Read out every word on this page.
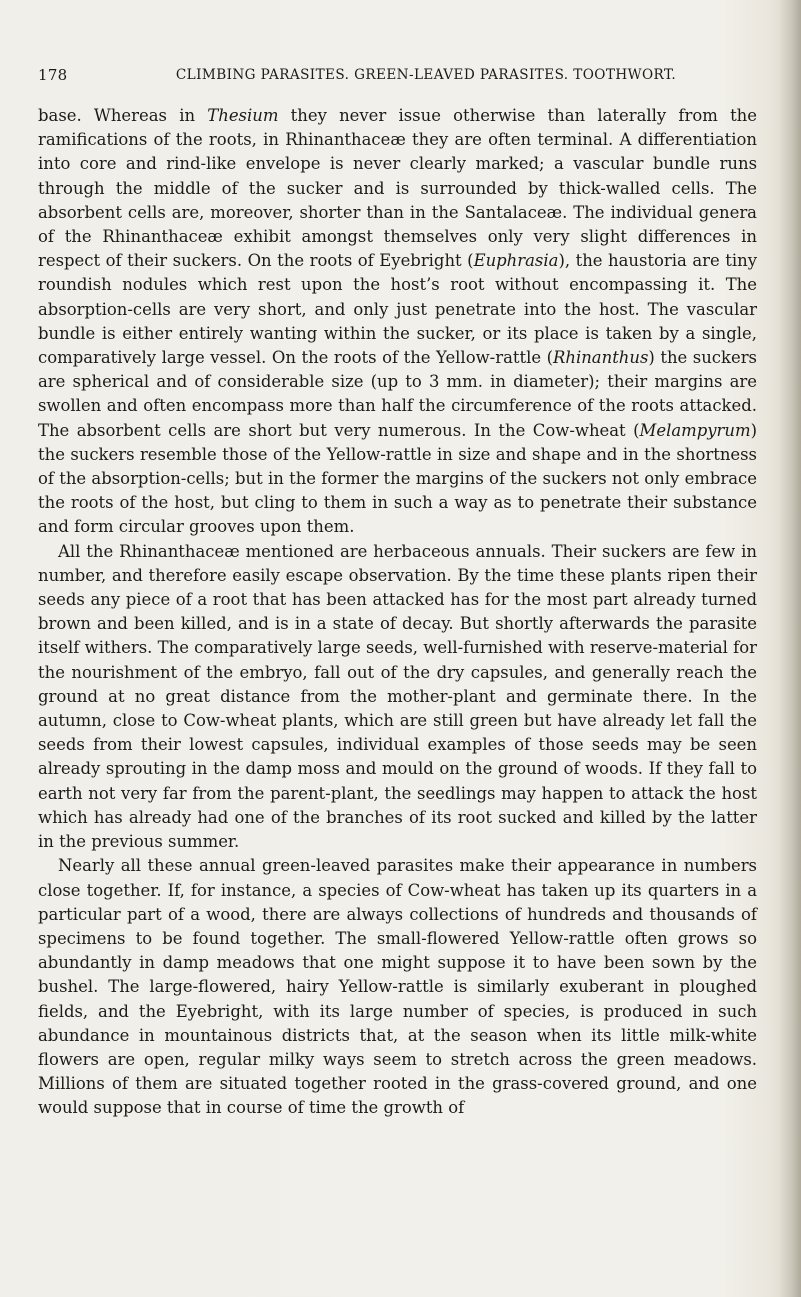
178	CLIMBING PARASITES. GREEN-LEAVED PARASITES. TOOTHWORT.

base. Whereas in Thesium they never issue otherwise than laterally from the ramifications of the roots, in Rhinanthaceæ they are often terminal. A differentiation into core and rind-like envelope is never clearly marked; a vascular bundle runs through the middle of the sucker and is surrounded by thick-walled cells. The absorbent cells are, moreover, shorter than in the Santalaceæ. The individual genera of the Rhinanthaceæ exhibit amongst themselves only very slight differences in respect of their suckers. On the roots of Eyebright (Euphrasia), the haustoria are tiny roundish nodules which rest upon the host’s root without encompassing it. The absorption-cells are very short, and only just penetrate into the host. The vascular bundle is either entirely wanting within the sucker, or its place is taken by a single, comparatively large vessel. On the roots of the Yellow-rattle (Rhinanthus) the suckers are spherical and of considerable size (up to 3 mm. in diameter); their margins are swollen and often encompass more than half the circumference of the roots attacked. The absorbent cells are short but very numerous. In the Cow-wheat (Melampyrum) the suckers resemble those of the Yellow-rattle in size and shape and in the shortness of the absorption-cells; but in the former the margins of the suckers not only embrace the roots of the host, but cling to them in such a way as to penetrate their substance and form circular grooves upon them.

All the Rhinanthaceæ mentioned are herbaceous annuals. Their suckers are few in number, and therefore easily escape observation. By the time these plants ripen their seeds any piece of a root that has been attacked has for the most part already turned brown and been killed, and is in a state of decay. But shortly afterwards the parasite itself withers. The comparatively large seeds, well-furnished with reserve-material for the nourishment of the embryo, fall out of the dry capsules, and generally reach the ground at no great distance from the mother-plant and germinate there. In the autumn, close to Cow-wheat plants, which are still green but have already let fall the seeds from their lowest capsules, individual examples of those seeds may be seen already sprouting in the damp moss and mould on the ground of woods. If they fall to earth not very far from the parent-plant, the seedlings may happen to attack the host which has already had one of the branches of its root sucked and killed by the latter in the previous summer.

Nearly all these annual green-leaved parasites make their appearance in numbers close together. If, for instance, a species of Cow-wheat has taken up its quarters in a particular part of a wood, there are always collections of hundreds and thousands of specimens to be found together. The small-flowered Yellow-rattle often grows so abundantly in damp meadows that one might suppose it to have been sown by the bushel. The large-flowered, hairy Yellow-rattle is similarly exuberant in ploughed fields, and the Eyebright, with its large number of species, is produced in such abundance in mountainous districts that, at the season when its little milk-white flowers are open, regular milky ways seem to stretch across the green meadows. Millions of them are situated together rooted in the grass-covered ground, and one would suppose that in course of time the growth of
